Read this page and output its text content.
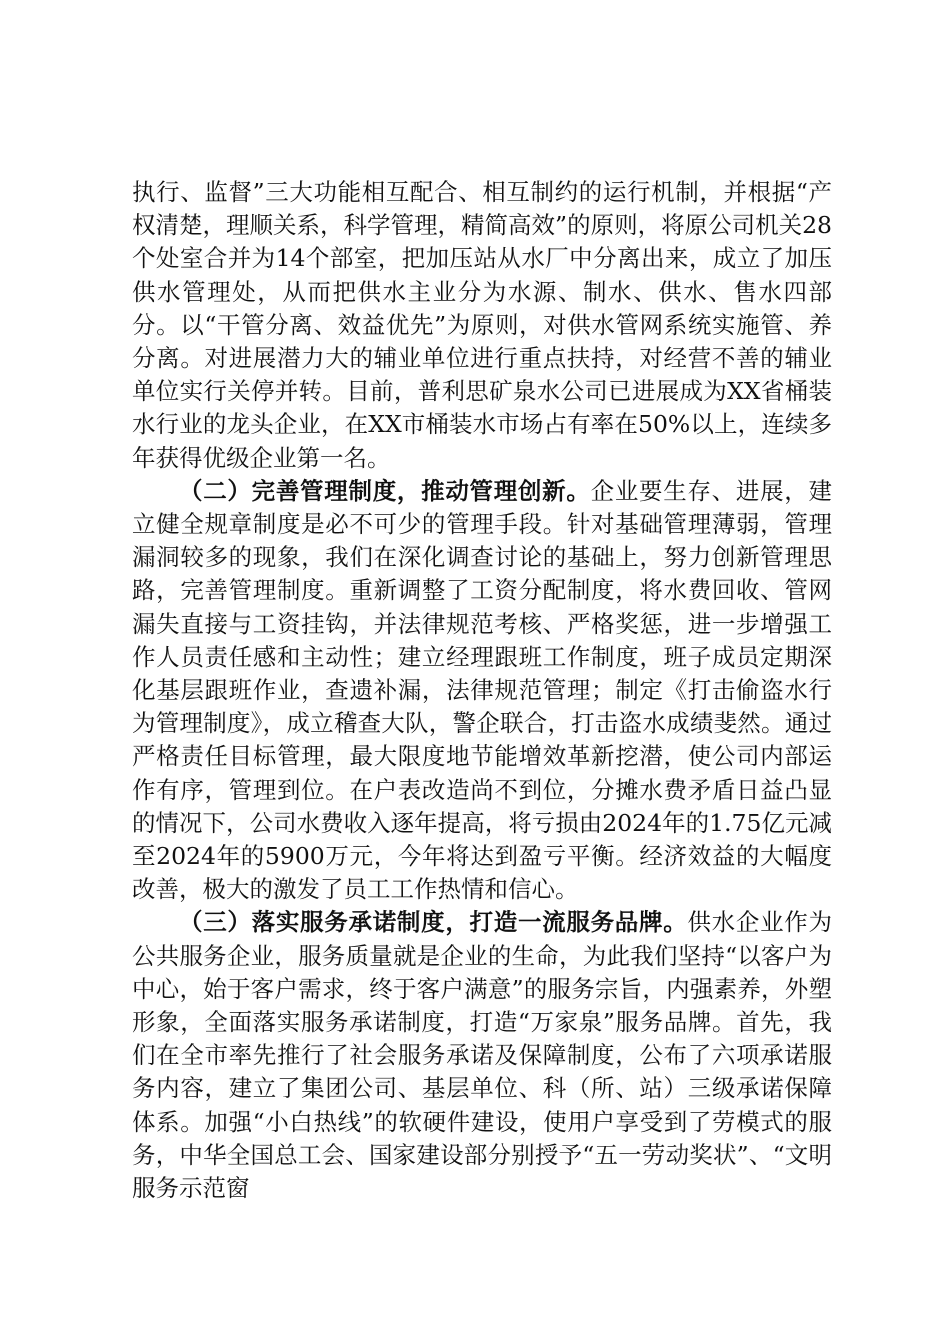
执行、监督”三大功能相互配合、相互制约的运行机制，并根据“产权清楚，理顺关系，科学管理，精简高效”的原则，将原公司机关28个处室合并为14个部室，把加压站从水厂中分离出来，成立了加压供水管理处，从而把供水主业分为水源、制水、供水、售水四部分。以“干管分离、效益优先”为原则，对供水管网系统实施管、养分离。对进展潜力大的辅业单位进行重点扶持，对经营不善的辅业单位实行关停并转。目前，普利思矿泉水公司已进展成为XX省桶装水行业的龙头企业，在XX市桶装水市场占有率在50%以上，连续多年获得优级企业第一名。

（二）完善管理制度，推动管理创新。企业要生存、进展，建立健全规章制度是必不可少的管理手段。针对基础管理薄弱，管理漏洞较多的现象，我们在深化调查讨论的基础上，努力创新管理思路，完善管理制度。重新调整了工资分配制度，将水费回收、管网漏失直接与工资挂钩，并法律规范考核、严格奖惩，进一步增强工作人员责任感和主动性；建立经理跟班工作制度，班子成员定期深化基层跟班作业，查遗补漏，法律规范管理；制定《打击偷盗水行为管理制度》，成立稽查大队，警企联合，打击盗水成绩斐然。通过严格责任目标管理，最大限度地节能增效革新挖潜，使公司内部运作有序，管理到位。在户表改造尚不到位，分摊水费矛盾日益凸显的情况下，公司水费收入逐年提高，将亏损由2024年的1.75亿元减至2024年的5900万元，今年将达到盈亏平衡。经济效益的大幅度改善，极大的激发了员工工作热情和信心。

（三）落实服务承诺制度，打造一流服务品牌。供水企业作为公共服务企业，服务质量就是企业的生命，为此我们坚持“以客户为中心，始于客户需求，终于客户满意”的服务宗旨，内强素养，外塑形象，全面落实服务承诺制度，打造“万家泉”服务品牌。首先，我们在全市率先推行了社会服务承诺及保障制度，公布了六项承诺服务内容，建立了集团公司、基层单位、科（所、站）三级承诺保障体系。加强“小白热线”的软硬件建设，使用户享受到了劳模式的服务，中华全国总工会、国家建设部分别授予“五一劳动奖状”、“文明服务示范窗
